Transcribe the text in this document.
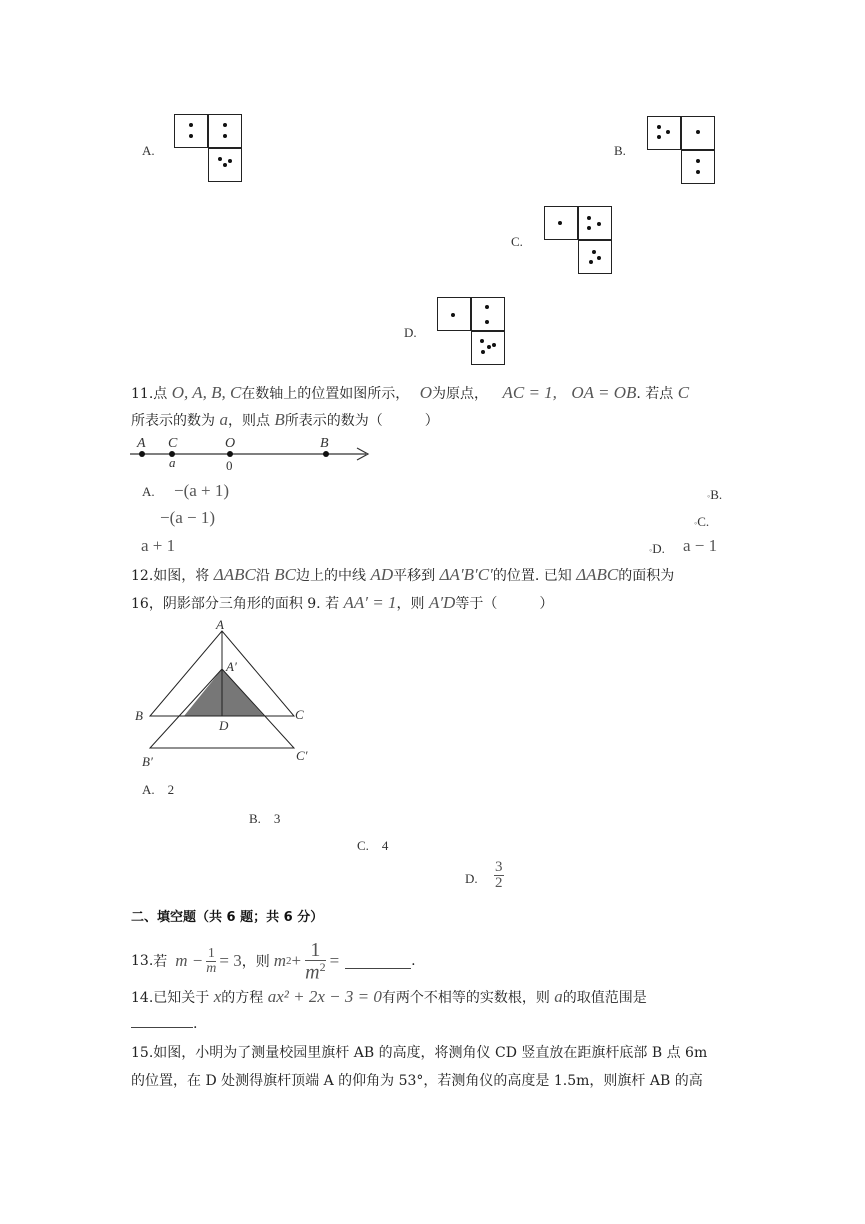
A.	B.
C.
D.
11.点 O, A, B, C在数轴上的位置如图所示， O为原点， AC = 1, OA = OB. 若点 C
所表示的数为 a，则点 B所表示的数为（　　　）
A C	O	B
a	0
A. −(a + 1)	◦B.
−(a − 1)	◦C.
a + 1	◦D. a − 1
12.如图，将 ΔABC沿 BC边上的中线 AD平移到 ΔA′B′C′的位置. 已知 ΔABC的面积为
16，阴影部分三角形的面积 9. 若 AA′ = 1，则 A′D等于（　　　）
A
A′
B	C
D
B′	C′
A.　2
B.　3
C.　4
D. $\frac{3}{2}$
二、填空题（共 6 题；共 6 分）
13. 若 $m - \frac{1}{m} = 3$ ，则 m $2 + \frac{1}{m^2}$ =	.
14.已知关于 x的方程 ax² + 2x − 3 = 0有两个不相等的实数根，则 a的取值范围是
.
15.如图，小明为了测量校园里旗杆 AB 的高度，将测角仪 CD 竖直放在距旗杆底部 B 点 6m
的位置，在 D 处测得旗杆顶端 A 的仰角为 53°，若测角仪的高度是 1.5m，则旗杆 AB 的高
